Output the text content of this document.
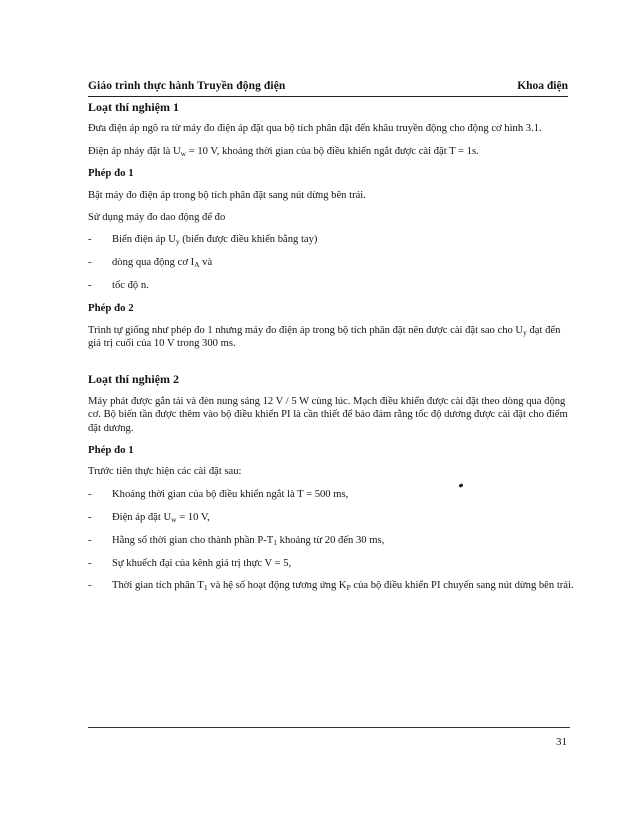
Giáo trình thực hành Truyền động điện	Khoa điện
Loạt thí nghiệm 1
Đưa điện áp ngõ ra từ máy đo điện áp đặt qua bộ tích phân đặt đến khâu truyền động cho động cơ hình 3.1.
Điện áp nhảy đặt là $U_w = 10$ V, khoảng thời gian của bộ điều khiển ngắt được cài đặt T = 1s.
Phép đo 1
Bật máy đo điện áp trong bộ tích phân đặt sang nút dừng bên trái.
Sử dụng máy đo dao động để đo
- Biến điện áp $U_y$ (biến được điều khiển bằng tay)
- dòng qua động cơ $I_A$ và
- tốc độ n.
Phép đo 2
Trình tự giống như phép đo 1 nhưng máy đo điện áp trong bộ tích phân đặt nên được cài đặt sao cho $U_y$ đạt đến giá trị cuối của 10 V trong 300 ms.
Loạt thí nghiệm 2
Máy phát được gắn tải và đèn nung sáng 12 V / 5 W cùng lúc. Mạch điều khiển được cài đặt theo dòng qua động cơ. Bộ biến tần được thêm vào bộ điều khiển PI là cần thiết để bảo đảm rằng tốc độ dương được cài đặt cho điểm đặt dương.
Phép đo 1
Trước tiên thực hiện các cài đặt sau:
- Khoảng thời gian của bộ điều khiển ngắt là T = 500 ms,
- Điện áp đặt $U_w = 10$ V,
- Hằng số thời gian cho thành phần $P-T_1$ khoảng từ 20 đến 30 ms,
- Sự khuếch đại của kênh giá trị thực V = 5,
- Thời gian tích phân $T_1$ và hệ số hoạt động tương ứng $K_P$ của bộ điều khiển PI chuyển sang nút dừng bên trái.
31
